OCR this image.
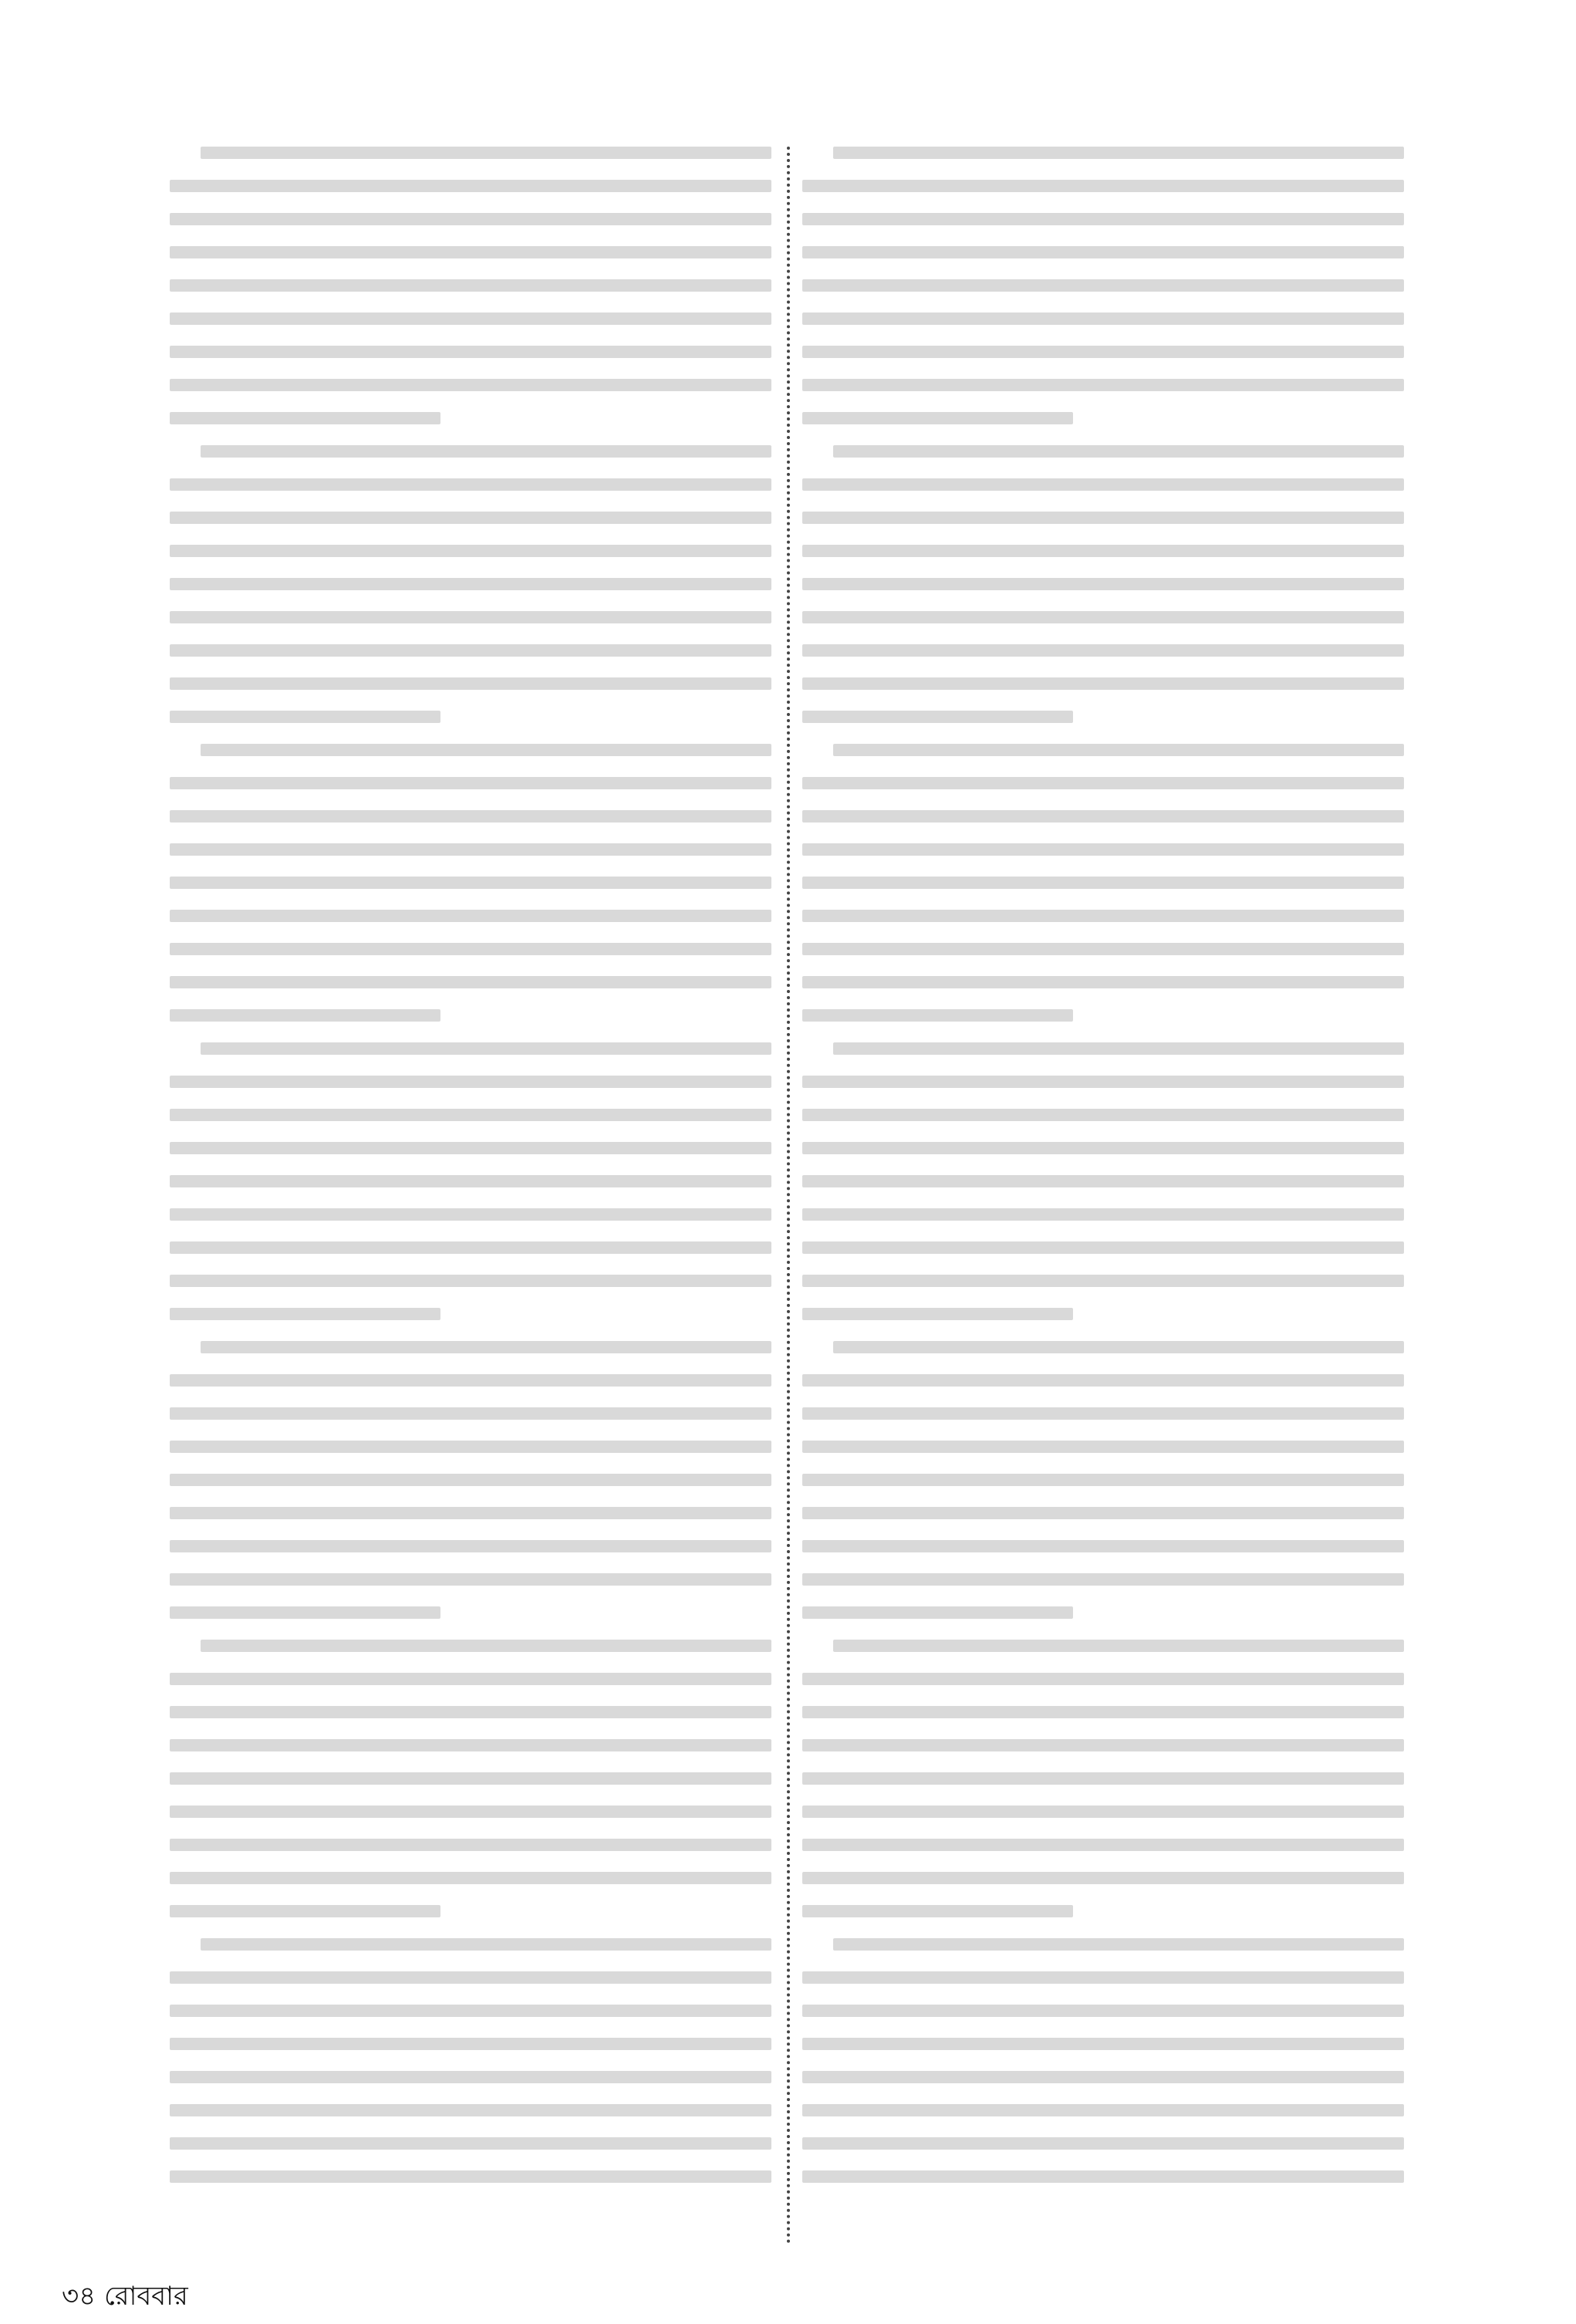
৩৪ রোববার
